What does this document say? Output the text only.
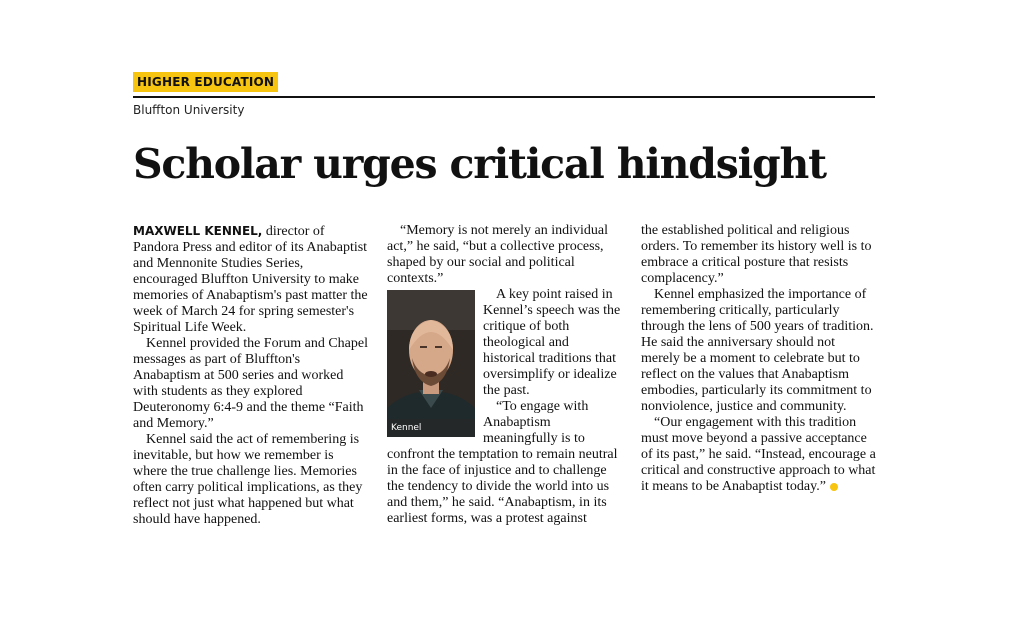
HIGHER EDUCATION
Bluffton University
Scholar urges critical hindsight

MAXWELL KENNEL, director of Pandora Press and editor of its Anabaptist and Mennonite Studies Series, encouraged Bluffton University to make memories of Anabaptism's past matter the week of March 24 for spring semester's Spiritual Life Week.

Kennel provided the Forum and Chapel messages as part of Bluffton's Anabaptism at 500 series and worked with students as they explored Deuteronomy 6:4-9 and the theme “Faith and Memory.”

Kennel said the act of remembering is inevitable, but how we remember is where the true challenge lies. Memories often carry political implications, as they reflect not just what happened but what should have happened.

“Memory is not merely an individual act,” he said, “but a collective process, shaped by our social and political contexts.”

Kennel

A key point raised in Kennel’s speech was the critique of both theological and historical traditions that oversimplify or idealize the past.

“To engage with Anabaptism meaningfully is to confront the temptation to remain neutral in the face of injustice and to challenge the tendency to divide the world into us and them,” he said. “Anabaptism, in its earliest forms, was a protest against

the established political and religious orders. To remember its history well is to embrace a critical posture that resists complacency.”

Kennel emphasized the importance of remembering critically, particularly through the lens of 500 years of tradition. He said the anniversary should not merely be a moment to celebrate but to reflect on the values that Anabaptism embodies, particularly its commitment to nonviolence, justice and community.

“Our engagement with this tradition must move beyond a passive acceptance of its past,” he said. “Instead, encourage a critical and constructive approach to what it means to be Anabaptist today.”
